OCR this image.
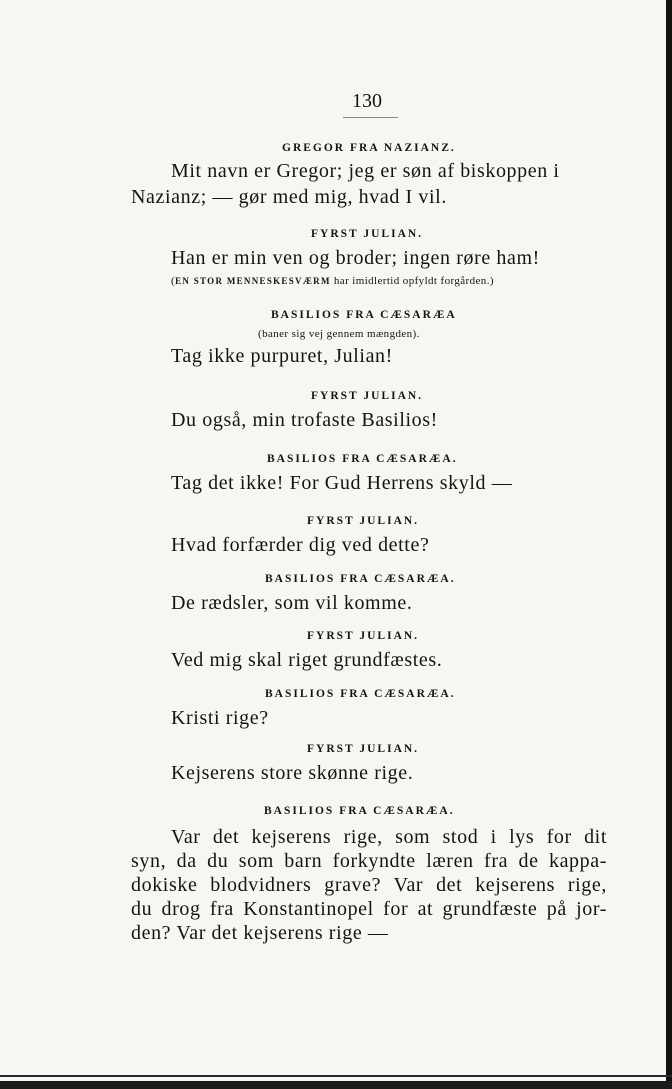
130
GREGOR FRA NAZIANZ.
Mit navn er Gregor; jeg er søn af biskoppen i
Nazianz; — gør med mig, hvad I vil.
FYRST JULIAN.
Han er min ven og broder; ingen røre ham!
(EN STOR MENNESKESVÆRM har imidlertid opfyldt forgården.)
BASILIOS FRA CÆSARÆA
(baner sig vej gennem mængden).
Tag ikke purpuret, Julian!
FYRST JULIAN.
Du også, min trofaste Basilios!
BASILIOS FRA CÆSARÆA.
Tag det ikke! For Gud Herrens skyld —
FYRST JULIAN.
Hvad forfærder dig ved dette?
BASILIOS FRA CÆSARÆA.
De rædsler, som vil komme.
FYRST JULIAN.
Ved mig skal riget grundfæstes.
BASILIOS FRA CÆSARÆA.
Kristi rige?
FYRST JULIAN.
Kejserens store skønne rige.
BASILIOS FRA CÆSARÆA.
Var det kejserens rige, som stod i lys for dit
syn, da du som barn forkyndte læren fra de kappa-
dokiske blodvidners grave? Var det kejserens rige,
du drog fra Konstantinopel for at grundfæste på jor-
den? Var det kejserens rige —
